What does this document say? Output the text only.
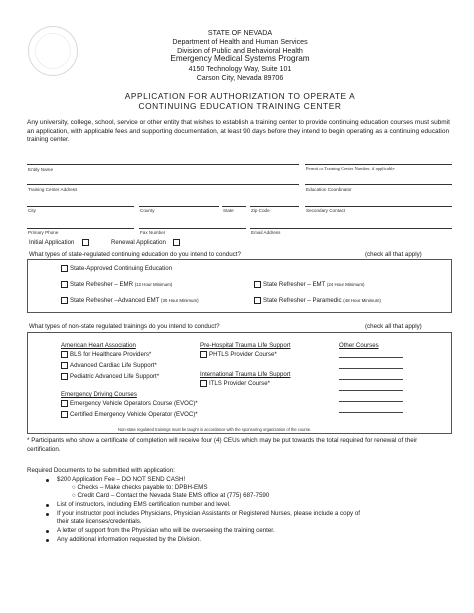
STATE OF NEVADA
Department of Health and Human Services
Division of Public and Behavioral Health
Emergency Medical Systems Program
4150 Technology Way, Suite 101
Carson City, Nevada 89706
APPLICATION FOR AUTHORIZATION TO OPERATE A
CONTINUING EDUCATION TRAINING CENTER
Any university, college, school, service or other entity that wishes to establish a training center to provide continuing education courses must submit an application, with applicable fees and supporting documentation, at least 90 days before they intend to begin operating as a continuing education training center.
Entity Name	Permit or Training Center Number, if applicable
Training Center Address	Education Coordinator
City	County	State	Zip Code	Secondary Contact
Primary Phone	Fax Number	Email Address
Initial Application	Renewal Application
What types of state-regulated continuing education do you intend to conduct?	(check all that apply)
State-Approved Continuing Education
State Refresher – EMR (12 Hour Minimum)	State Refresher – EMT (24 Hour Minimum)
State Refresher –Advanced EMT (30 Hour Minimum)	State Refresher – Paramedic (48 Hour Minimum)
What types of non-state regulated trainings do you intend to conduct?	(check all that apply)
American Heart Association
BLS for Healthcare Providers*
Advanced Cardiac Life Support*
Pediatric Advanced Life Support*
Pre-Hospital Trauma Life Support
PHTLS Provider Course*
International Trauma Life Support
ITLS Provider Course*
Other Courses
Emergency Driving Courses
Emergency Vehicle Operators Course (EVOC)*
Certified Emergency Vehicle Operator (EVOC)*
Non-state regulated trainings must be taught in accordance with the sponsoring organization of the course.
* Participants who show a certificate of completion will receive four (4) CEUs which may be put towards the total required for renewal of their certification.
Required Documents to be submitted with application:
$200 Application Fee – DO NOT SEND CASH!
○ Checks – Make checks payable to: DPBH-EMS
○ Credit Card – Contact the Nevada State EMS office at (775) 687-7590
List of instructors, including EMS certification number and level.
If your instructor pool includes Physicians, Physician Assistants or Registered Nurses, please include a copy of
their state licenses/credentials.
A letter of support from the Physician who will be overseeing the training center.
Any additional information requested by the Division.
